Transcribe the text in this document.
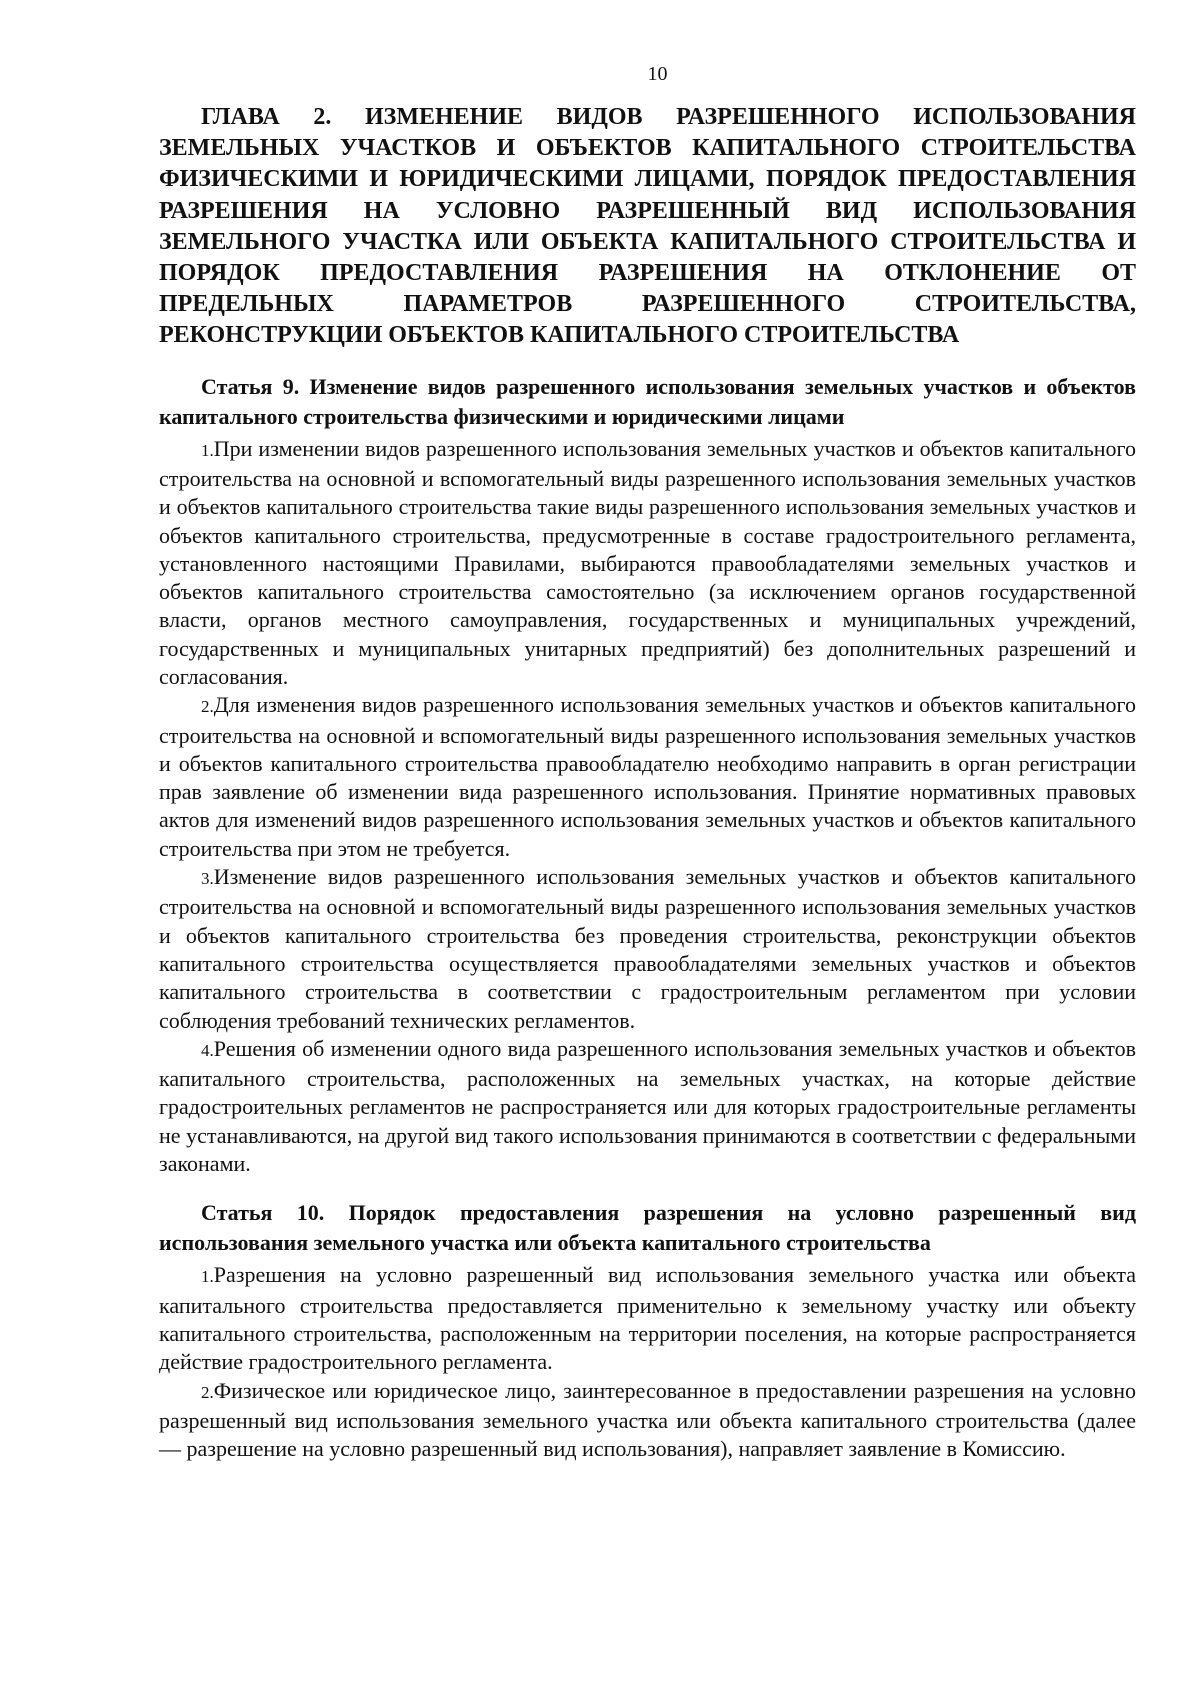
10
ГЛАВА 2. ИЗМЕНЕНИЕ ВИДОВ РАЗРЕШЕННОГО ИСПОЛЬЗОВАНИЯ ЗЕМЕЛЬНЫХ УЧАСТКОВ И ОБЪЕКТОВ КАПИТАЛЬНОГО СТРОИТЕЛЬСТВА ФИЗИЧЕСКИМИ И ЮРИДИЧЕСКИМИ ЛИЦАМИ, ПОРЯДОК ПРЕДОСТАВЛЕНИЯ РАЗРЕШЕНИЯ НА УСЛОВНО РАЗРЕШЕННЫЙ ВИД ИСПОЛЬЗОВАНИЯ ЗЕМЕЛЬНОГО УЧАСТКА ИЛИ ОБЪЕКТА КАПИТАЛЬНОГО СТРОИТЕЛЬСТВА И ПОРЯДОК ПРЕДОСТАВЛЕНИЯ РАЗРЕШЕНИЯ НА ОТКЛОНЕНИЕ ОТ ПРЕДЕЛЬНЫХ ПАРАМЕТРОВ РАЗРЕШЕННОГО СТРОИТЕЛЬСТВА, РЕКОНСТРУКЦИИ ОБЪЕКТОВ КАПИТАЛЬНОГО СТРОИТЕЛЬСТВА
Статья 9. Изменение видов разрешенного использования земельных участков и объектов капитального строительства физическими и юридическими лицами

1.При изменении видов разрешенного использования земельных участков и объектов капитального строительства на основной и вспомогательный виды разрешенного использования земельных участков и объектов капитального строительства такие виды разрешенного использования земельных участков и объектов капитального строительства, предусмотренные в составе градостроительного регламента, установленного настоящими Правилами, выбираются правообладателями земельных участков и объектов капитального строительства самостоятельно (за исключением органов государственной власти, органов местного самоуправления, государственных и муниципальных учреждений, государственных и муниципальных унитарных предприятий) без дополнительных разрешений и согласования.

2.Для изменения видов разрешенного использования земельных участков и объектов капитального строительства на основной и вспомогательный виды разрешенного использования земельных участков и объектов капитального строительства правообладателю необходимо направить в орган регистрации прав заявление об изменении вида разрешенного использования. Принятие нормативных правовых актов для изменений видов разрешенного использования земельных участков и объектов капитального строительства при этом не требуется.

3.Изменение видов разрешенного использования земельных участков и объектов капитального строительства на основной и вспомогательный виды разрешенного использования земельных участков и объектов капитального строительства без проведения строительства, реконструкции объектов капитального строительства осуществляется правообладателями земельных участков и объектов капитального строительства в соответствии с градостроительным регламентом при условии соблюдения требований технических регламентов.

4.Решения об изменении одного вида разрешенного использования земельных участков и объектов капитального строительства, расположенных на земельных участках, на которые действие градостроительных регламентов не распространяется или для которых градостроительные регламенты не устанавливаются, на другой вид такого использования принимаются в соответствии с федеральными законами.

Статья 10. Порядок предоставления разрешения на условно разрешенный вид использования земельного участка или объекта капитального строительства

1.Разрешения на условно разрешенный вид использования земельного участка или объекта капитального строительства предоставляется применительно к земельному участку или объекту капитального строительства, расположенным на территории поселения, на которые распространяется действие градостроительного регламента.

2.Физическое или юридическое лицо, заинтересованное в предоставлении разрешения на условно разрешенный вид использования земельного участка или объекта капитального строительства (далее — разрешение на условно разрешенный вид использования), направляет заявление в Комиссию.
